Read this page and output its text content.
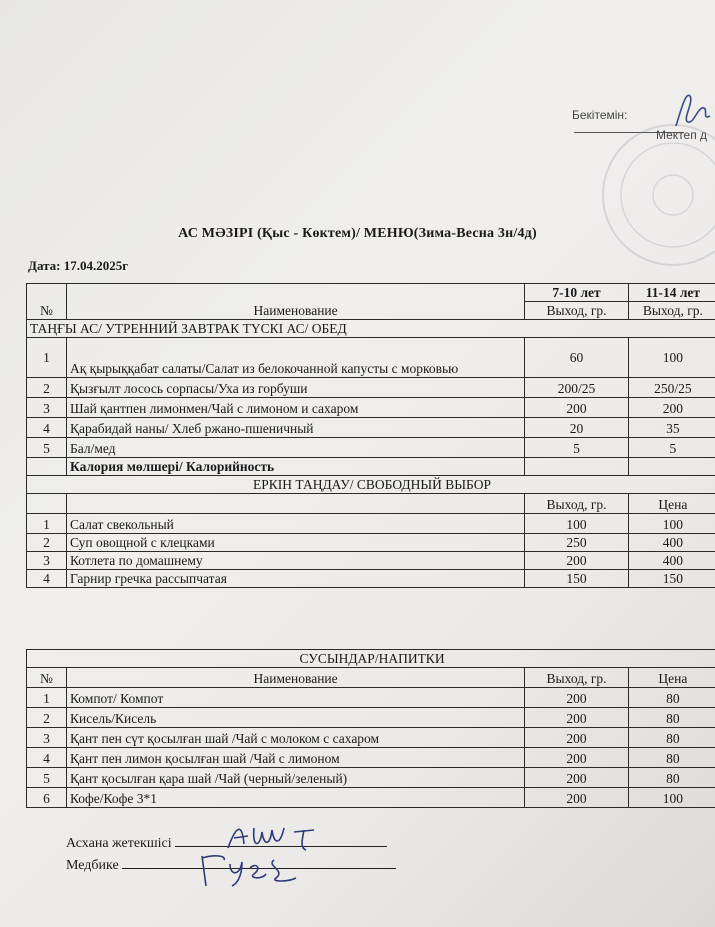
Бекітемін:
Мектеп д
АС МӘЗІРІ (Қыс - Көктем)/ МЕНЮ(Зима-Весна 3н/4д)
Дата: 17.04.2025г
№	Наименование	7-10 лет	11-14 лет
		Выход, гр.	Выход, гр.
ТАҢҒЫ АС/ УТРЕННИЙ ЗАВТРАК ТҮСКІ АС/ ОБЕД			
1	Ақ қырыққабат салаты/Салат из белокочанной капусты с морковью	60	100
2	Қызғылт лосось сорпасы/Уха из горбуши	200/25	250/25
3	Шай қантпен лимонмен/Чай с лимоном и сахаром	200	200
4	Қарабидай наны/ Хлеб ржано-пшеничный	20	35
5	Бал/мед	5	5
	Калория мөлшері/ Калорийность		
ЕРКІН ТАҢДАУ/ СВОБОДНЫЙ ВЫБОР			
		Выход, гр.	Цена
1	Салат свекольный	100	100
2	Суп овощной с клецками	250	400
3	Котлета по домашнему	200	400
4	Гарнир гречка рассыпчатая	150	150
СУСЫНДАР/НАПИТКИ			
№	Наименование	Выход, гр.	Цена
1	Компот/ Компот	200	80
2	Кисель/Кисель	200	80
3	Қант пен сүт қосылған шай /Чай с молоком с сахаром	200	80
4	Қант пен лимон қосылған шай /Чай с лимоном	200	80
5	Қант қосылған қара шай /Чай (черный/зеленый)	200	80
6	Кофе/Кофе 3*1	200	100
Асхана жетекшісі
Медбике
